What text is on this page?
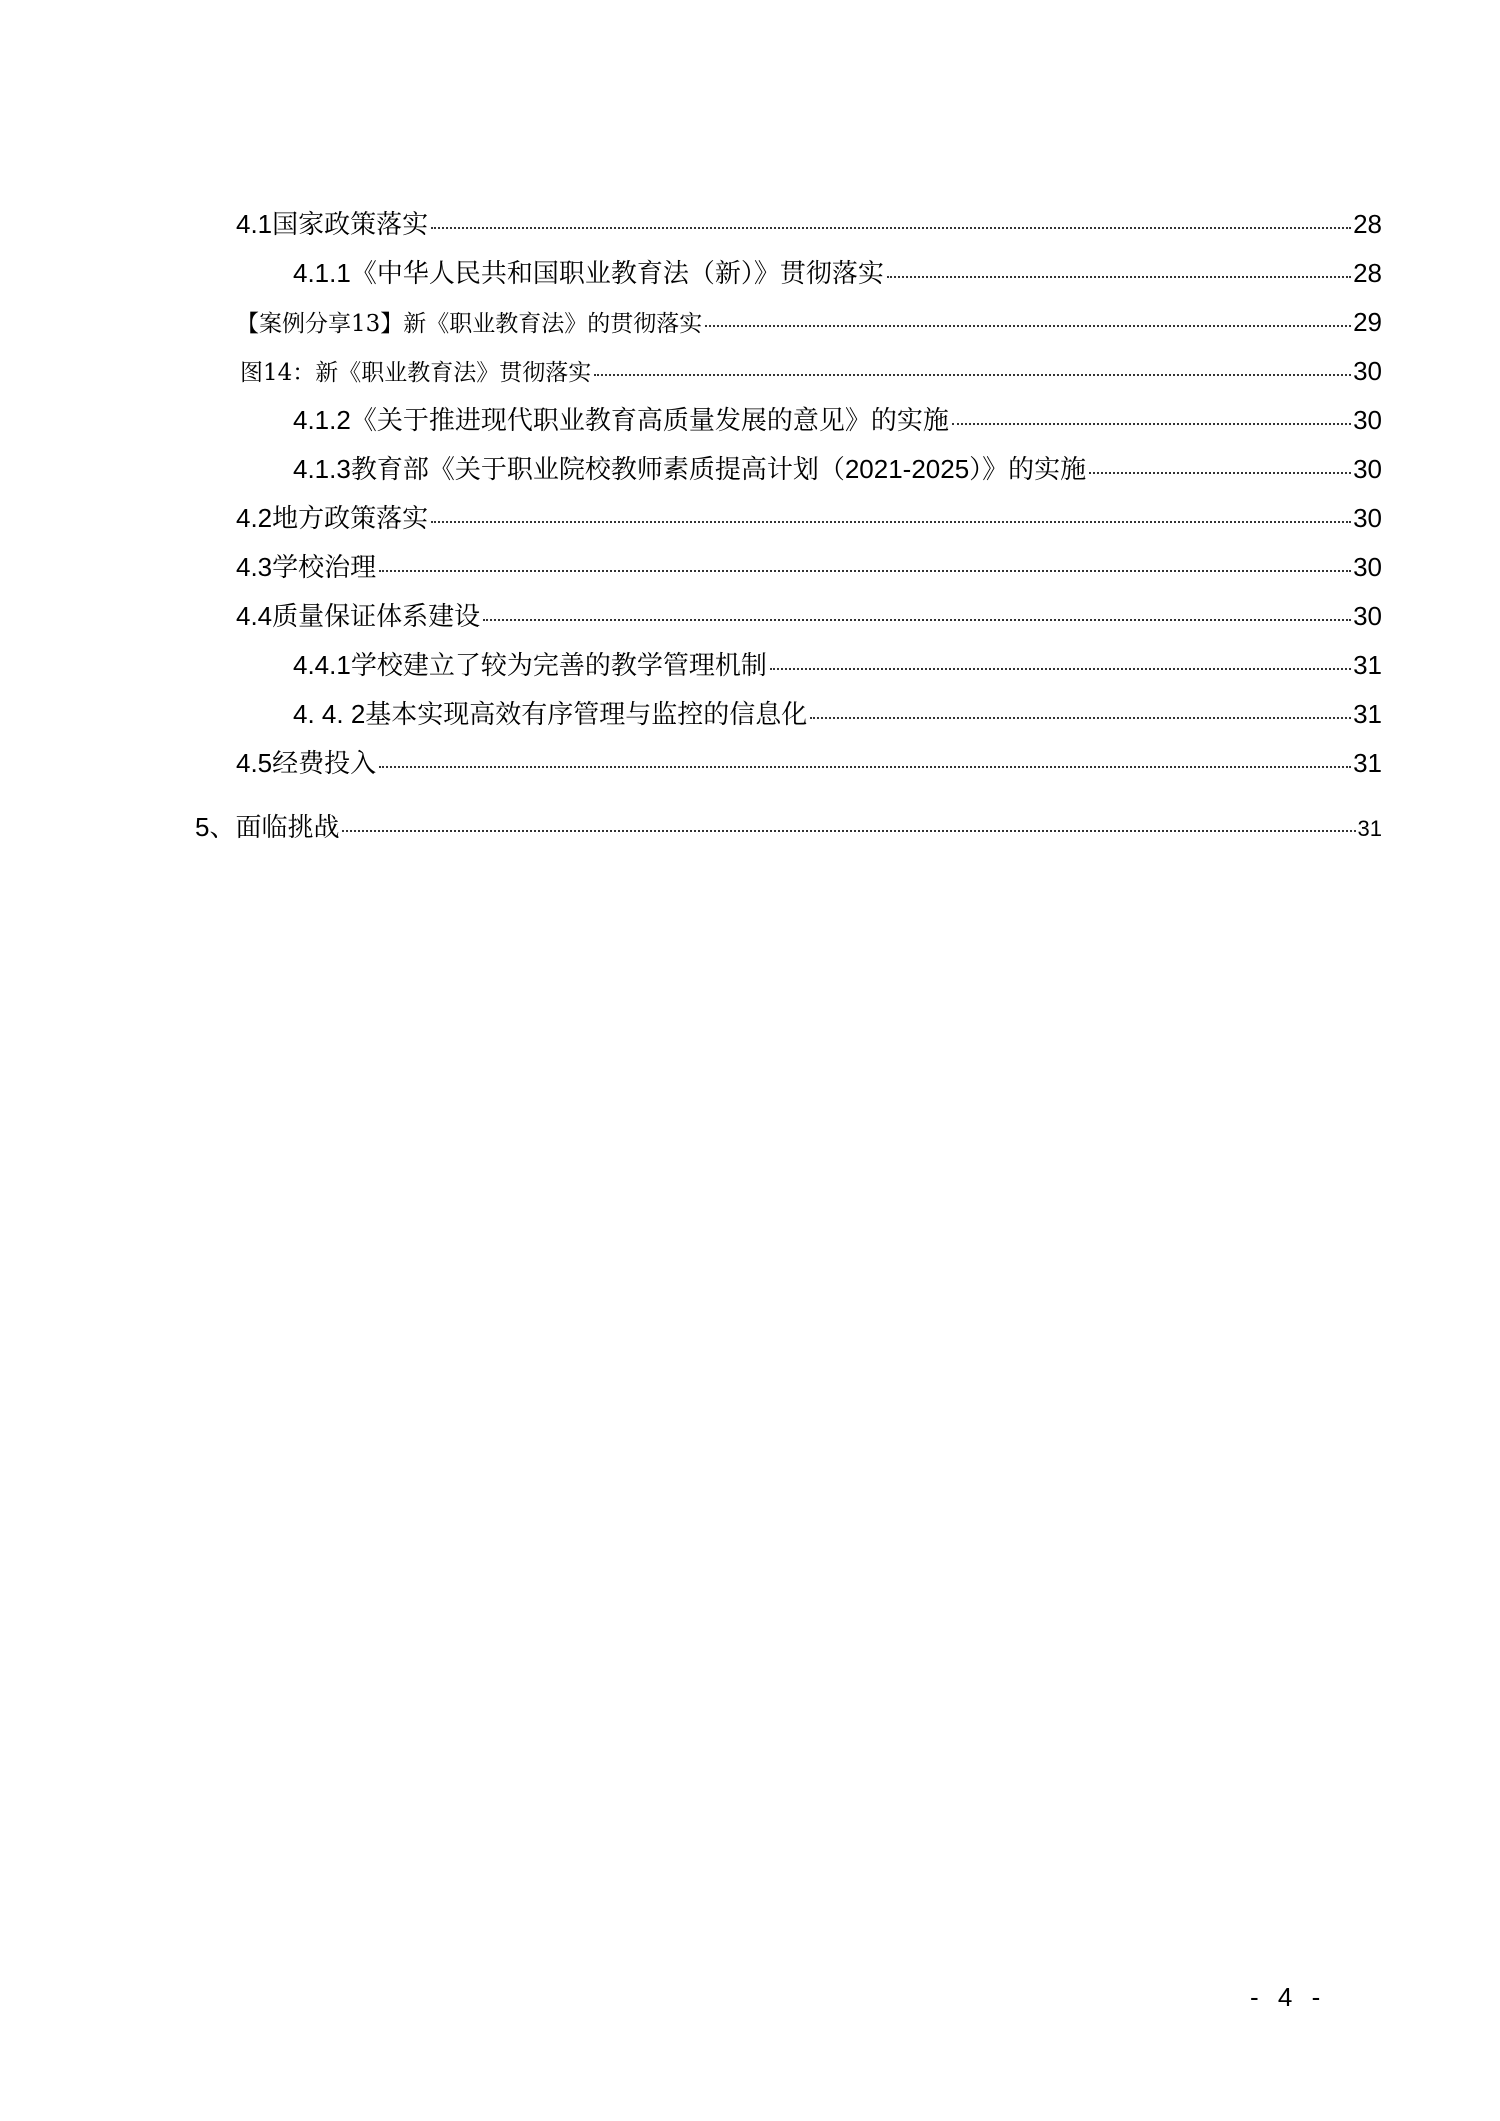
4.1国家政策落实	28
4.1.1《中华人民共和国职业教育法（新）》贯彻落实	28
【案例分享13】新《职业教育法》的贯彻落实	29
图14：新《职业教育法》贯彻落实	30
4.1.2《关于推进现代职业教育高质量发展的意见》的实施	30
4.1.3教育部《关于职业院校教师素质提高计划（2021-2025）》的实施	30
4.2地方政策落实	30
4.3学校治理	30
4.4质量保证体系建设	30
4.4.1学校建立了较为完善的教学管理机制	31
4. 4. 2基本实现高效有序管理与监控的信息化	31
4.5经费投入	31
5、面临挑战	31
- 4 -
